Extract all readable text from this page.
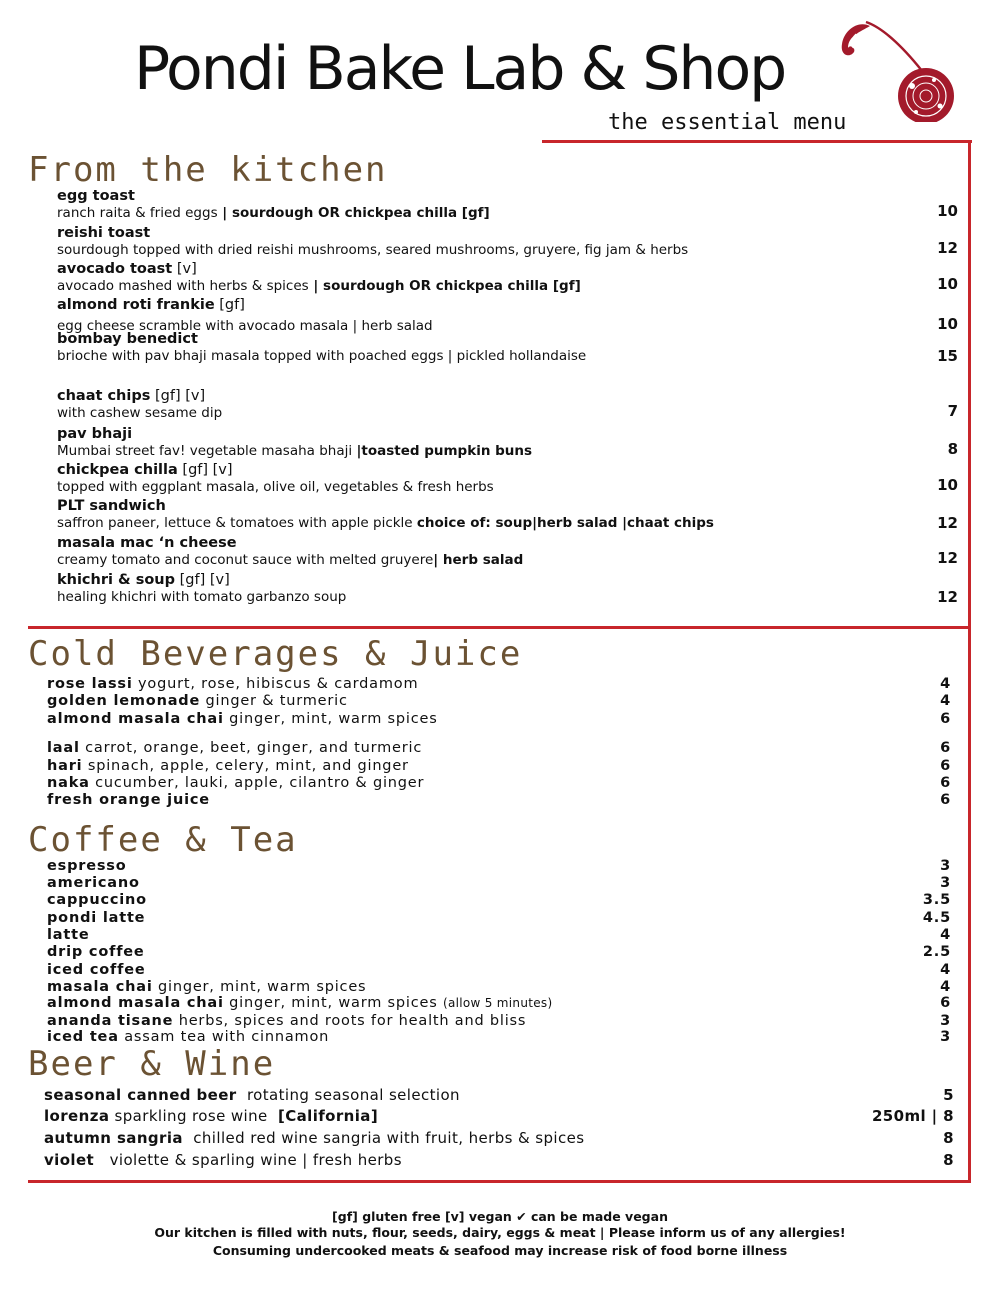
Pondi Bake Lab & Shop
the essential menu
From the kitchen
egg toast
ranch raita & fried eggs | sourdough OR chickpea chilla [gf]	10
reishi toast
sourdough topped with dried reishi mushrooms, seared mushrooms, gruyere, fig jam & herbs	12
avocado toast [v]
avocado mashed with herbs & spices | sourdough OR chickpea chilla [gf]	10
almond roti frankie [gf]
egg cheese scramble with avocado masala | herb salad	10
bombay benedict
brioche with pav bhaji masala topped with poached eggs | pickled hollandaise	15
chaat chips [gf] [v]
with cashew sesame dip	7
pav bhaji
Mumbai street fav! vegetable masaha bhaji |toasted pumpkin buns	8
chickpea chilla [gf] [v]
topped with eggplant masala, olive oil, vegetables & fresh herbs	10
PLT sandwich
saffron paneer, lettuce & tomatoes with apple pickle choice of: soup|herb salad |chaat chips	12
masala mac ‘n cheese
creamy tomato and coconut sauce with melted gruyere| herb salad	12
khichri & soup [gf] [v]
healing khichri with tomato garbanzo soup	12
Cold Beverages & Juice
rose lassi yogurt, rose, hibiscus & cardamom	4
golden lemonade ginger & turmeric	4
almond masala chai ginger, mint, warm spices	6
laal carrot, orange, beet, ginger, and turmeric	6
hari spinach, apple, celery, mint, and ginger	6
naka cucumber, lauki, apple, cilantro & ginger	6
fresh orange juice	6
Coffee & Tea
espresso	3
americano	3
cappuccino	3.5
pondi latte	4.5
latte	4
drip coffee	2.5
iced coffee	4
masala chai ginger, mint, warm spices	4
almond masala chai ginger, mint, warm spices (allow 5 minutes)	6
ananda tisane herbs, spices and roots for health and bliss	3
iced tea assam tea with cinnamon	3
Beer & Wine
seasonal canned beer  rotating seasonal selection	5
lorenza sparkling rose wine  [California]	250ml | 8
autumn sangria  chilled red wine sangria with fruit, herbs & spices	8
violet   violette & sparling wine | fresh herbs	8
[gf] gluten free [v] vegan ✔ can be made vegan
Our kitchen is filled with nuts, flour, seeds, dairy, eggs & meat | Please inform us of any allergies!
Consuming undercooked meats & seafood may increase risk of food borne illness
